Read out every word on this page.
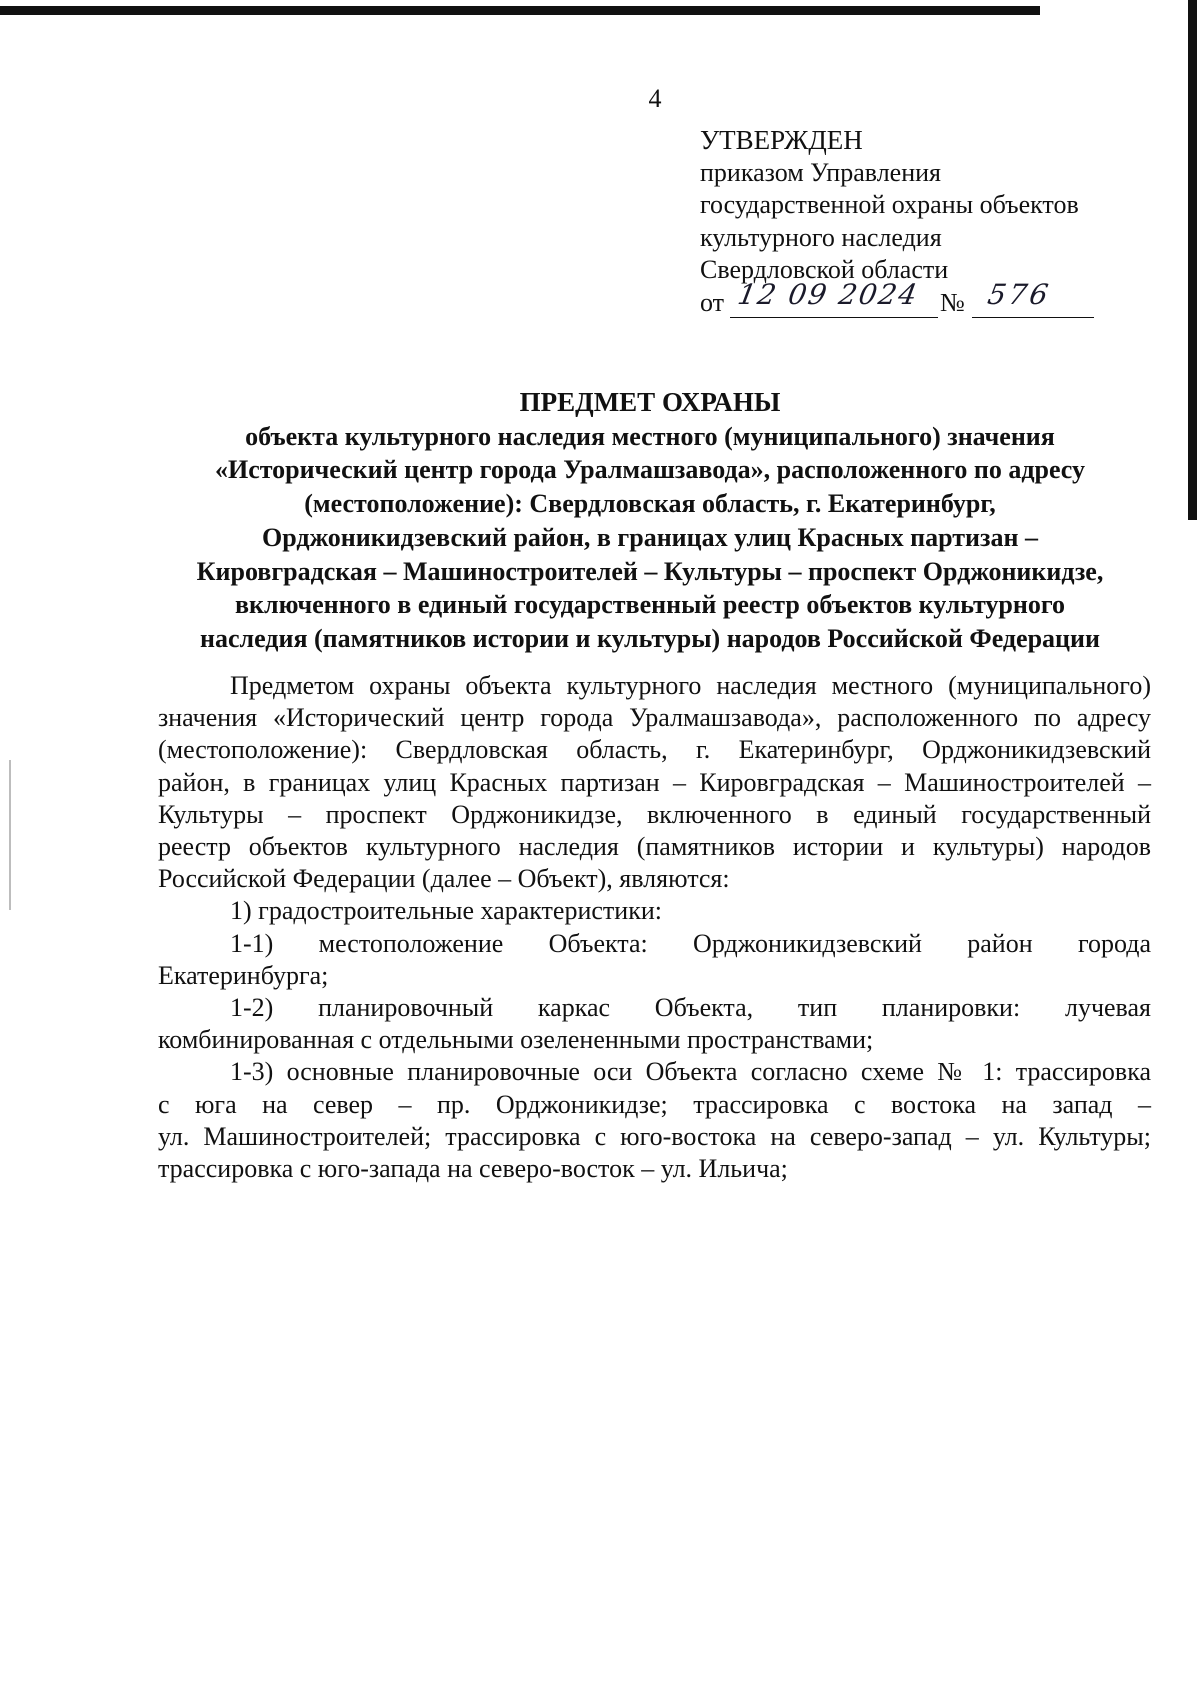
4
УТВЕРЖДЕН
приказом Управления
государственной охраны объектов
культурного наследия
Свердловской области
от 12 09 2024 № 576
ПРЕДМЕТ ОХРАНЫ
объекта культурного наследия местного (муниципального) значения
«Исторический центр города Уралмашзавода», расположенного по адресу
(местоположение): Свердловская область, г. Екатеринбург,
Орджоникидзевский район, в границах улиц Красных партизан –
Кировградская – Машиностроителей – Культуры – проспект Орджоникидзе,
включенного в единый государственный реестр объектов культурного
наследия (памятников истории и культуры) народов Российской Федерации
Предметом охраны объекта культурного наследия местного (муниципального)
значения «Исторический центр города Уралмашзавода», расположенного по адресу
(местоположение): Свердловская область, г. Екатеринбург, Орджоникидзевский
район, в границах улиц Красных партизан – Кировградская – Машиностроителей –
Культуры – проспект Орджоникидзе, включенного в единый государственный
реестр объектов культурного наследия (памятников истории и культуры) народов
Российской Федерации (далее – Объект), являются:
1) градостроительные характеристики:
1-1) местоположение Объекта: Орджоникидзевский район города
Екатеринбурга;
1-2) планировочный каркас Объекта, тип планировки: лучевая
комбинированная с отдельными озелененными пространствами;
1-3) основные планировочные оси Объекта согласно схеме № 1: трассировка
с юга на север – пр. Орджоникидзе; трассировка с востока на запад –
ул. Машиностроителей; трассировка с юго-востока на северо-запад – ул. Культуры;
трассировка с юго-запада на северо-восток – ул. Ильича;
